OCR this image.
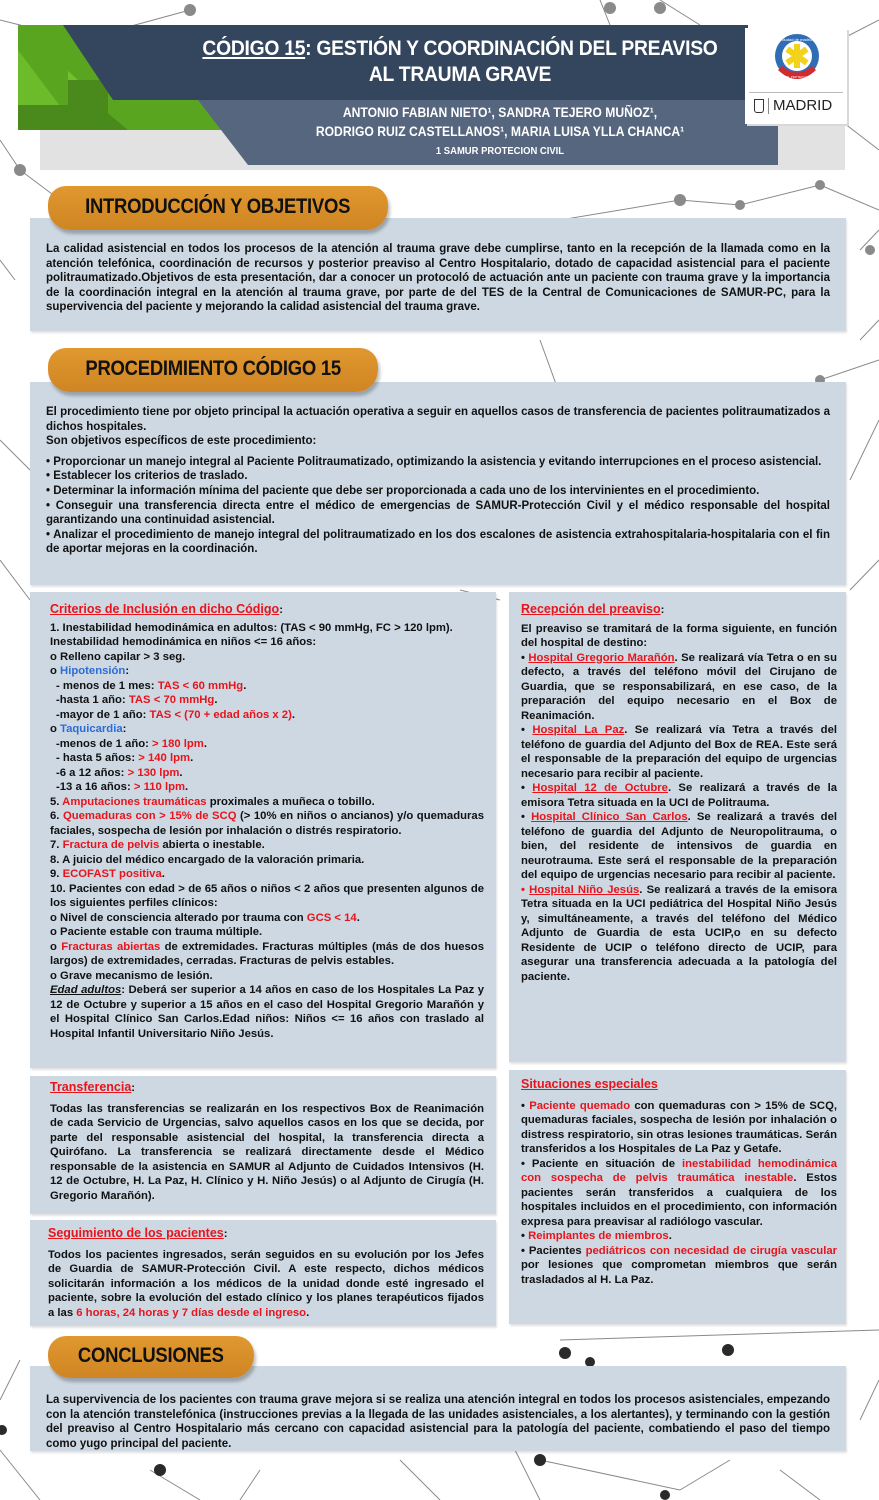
CÓDIGO 15: GESTIÓN Y COORDINACIÓN DEL PREAVISO
AL TRAUMA GRAVE
ANTONIO FABIAN NIETO¹, SANDRA TEJERO MUÑOZ¹,
RODRIGO RUIZ CASTELLANOS¹, MARIA LUISA YLLA CHANCA¹
1 SAMUR PROTECION CIVIL
ciudad de madrid
S.A.M.U.R. PROTECCION CIVIL
MADRID
INTRODUCCIÓN Y OBJETIVOS
La calidad asistencial en todos los procesos de la atención al trauma grave debe cumplirse, tanto en la recepción de la llamada como en la atención telefónica, coordinación de recursos y posterior preaviso al Centro Hospitalario, dotado de capacidad asistencial para el paciente politraumatizado.Objetivos de esta presentación, dar a conocer un protocoló de actuación ante un paciente con trauma grave y la importancia de la coordinación integral en la atención al trauma grave, por parte de del TES de la Central de Comunicaciones de SAMUR-PC, para la supervivencia del paciente y mejorando la calidad asistencial del trauma grave.
PROCEDIMIENTO CÓDIGO 15

El procedimiento tiene por objeto principal la actuación operativa a seguir en aquellos casos de transferencia de pacientes politraumatizados a dichos hospitales.

Son objetivos específicos de este procedimiento:

• Proporcionar un manejo integral al Paciente Politraumatizado, optimizando la asistencia y evitando interrupciones en el proceso asistencial.

• Establecer los criterios de traslado.

• Determinar la información mínima del paciente que debe ser proporcionada a cada uno de los intervinientes en el procedimiento.

• Conseguir una transferencia directa entre el médico de emergencias de SAMUR-Protección Civil y el médico responsable del hospital garantizando una continuidad asistencial.

• Analizar el procedimiento de manejo integral del politraumatizado en los dos escalones de asistencia extrahospitalaria-hospitalaria con el fin de aportar mejoras en la coordinación.

Criterios de Inclusión en dicho Código:

1. Inestabilidad hemodinámica en adultos: (TAS < 90 mmHg, FC > 120 lpm).

Inestabilidad hemodinámica en niños <= 16 años:

o Relleno capilar > 3 seg.

o Hipotensión:

- menos de 1 mes: TAS < 60 mmHg.

-hasta 1 año: TAS < 70 mmHg.

-mayor de 1 año: TAS < (70 + edad años x 2).

o Taquicardia:

-menos de 1 año: > 180 lpm.

- hasta 5 años: > 140 lpm.

-6 a 12 años: > 130 lpm.

-13 a 16 años: > 110 lpm.

5. Amputaciones traumáticas proximales a muñeca o tobillo.

6. Quemaduras con > 15% de SCQ (> 10% en niños o ancianos) y/o quemaduras faciales, sospecha de lesión por inhalación o distrés respiratorio.

7. Fractura de pelvis abierta o inestable.

8. A juicio del médico encargado de la valoración primaria.

9. ECOFAST positiva.

10. Pacientes con edad > de 65 años o niños < 2 años que presenten algunos de los siguientes perfiles clínicos:

o Nivel de consciencia alterado por trauma con GCS < 14.

o Paciente estable con trauma múltiple.

o Fracturas abiertas de extremidades. Fracturas múltiples (más de dos huesos largos) de extremidades, cerradas. Fracturas de pelvis estables.

o Grave mecanismo de lesión.

Edad adultos: Deberá ser superior a 14 años en caso de los Hospitales La Paz y 12 de Octubre y superior a 15 años en el caso del Hospital Gregorio Marañón y el Hospital Clínico San Carlos.Edad niños: Niños <= 16 años con traslado al Hospital Infantil Universitario Niño Jesús.

Recepción del preaviso:

El preaviso se tramitará de la forma siguiente, en función del hospital de destino:

• Hospital Gregorio Marañón. Se realizará vía Tetra o en su defecto, a través del teléfono móvil del Cirujano de Guardia, que se responsabilizará, en ese caso, de la preparación del equipo necesario en el Box de Reanimación.

• Hospital La Paz. Se realizará vía Tetra a través del teléfono de guardia del Adjunto del Box de REA. Este será el responsable de la preparación del equipo de urgencias necesario para recibir al paciente.

• Hospital 12 de Octubre. Se realizará a través de la emisora Tetra situada en la UCI de Politrauma.

• Hospital Clínico San Carlos. Se realizará a través del teléfono de guardia del Adjunto de Neuropolitrauma, o bien, del residente de intensivos de guardia en neurotrauma. Este será el responsable de la preparación del equipo de urgencias necesario para recibir al paciente.

• Hospital Niño Jesús. Se realizará a través de la emisora Tetra situada en la UCI pediátrica del Hospital Niño Jesús y, simultáneamente, a través del teléfono del Médico Adjunto de Guardia de esta UCIP,o en su defecto Residente de UCIP o teléfono directo de UCIP, para asegurar una transferencia adecuada a la patología del paciente.

Transferencia:

Todas las transferencias se realizarán en los respectivos Box de Reanimación de cada Servicio de Urgencias, salvo aquellos casos en los que se decida, por parte del responsable asistencial del hospital, la transferencia directa a Quirófano. La transferencia se realizará directamente desde el Médico responsable de la asistencia en SAMUR al Adjunto de Cuidados Intensivos (H. 12 de Octubre, H. La Paz, H. Clínico y H. Niño Jesús) o al Adjunto de Cirugía (H. Gregorio Marañón).

Seguimiento de los pacientes:

Todos los pacientes ingresados, serán seguidos en su evolución por los Jefes de Guardia de SAMUR-Protección Civil. A este respecto, dichos médicos solicitarán información a los médicos de la unidad donde esté ingresado el paciente, sobre la evolución del estado clínico y los planes terapéuticos fijados a las 6 horas, 24 horas y 7 días desde el ingreso.

Situaciones especiales

• Paciente quemado con quemaduras con > 15% de SCQ, quemaduras faciales, sospecha de lesión por inhalación o distress respiratorio, sin otras lesiones traumáticas. Serán transferidos a los Hospitales de La Paz y Getafe.

• Paciente en situación de inestabilidad hemodinámica con sospecha de pelvis traumática inestable. Estos pacientes serán transferidos a cualquiera de los hospitales incluidos en el procedimiento, con información expresa para preavisar al radiólogo vascular.

• Reimplantes de miembros.

• Pacientes pediátricos con necesidad de cirugía vascular por lesiones que comprometan miembros que serán trasladados al H. La Paz.

CONCLUSIONES
La supervivencia de los pacientes con trauma grave mejora si se realiza una atención integral en todos los procesos asistenciales, empezando con la atención transtelefónica (instrucciones previas a la llegada de las unidades asistenciales, a los alertantes), y terminando con la gestión del preaviso al Centro Hospitalario más cercano con capacidad asistencial para la patología del paciente, combatiendo el paso del tiempo como yugo principal del paciente.
